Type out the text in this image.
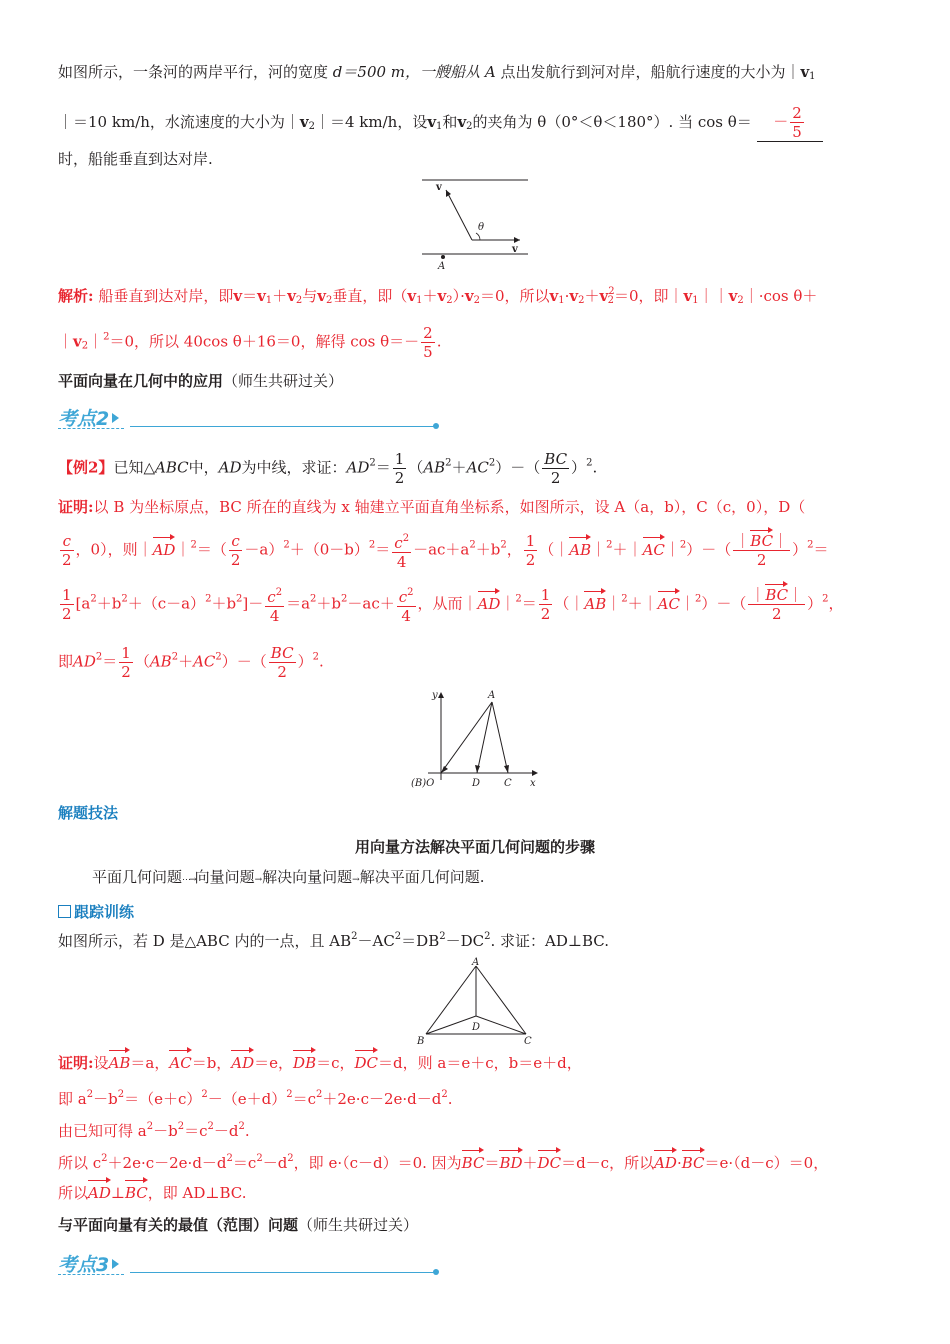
如图所示，一条河的两岸平行，河的宽度 d＝500 m，一艘船从 A 点出发航行到河对岸，船航行速度的大小为$|v_1$
｜＝10 km/h，水流速度的大小为$|v_2|=4$ km/h，设$v_1$和$v_2$的夹角为 θ（0°＜θ＜180°）. 当 $\cos \theta= - \frac{2}{5}$
时，船能垂直到达对岸.
v
θ
v
A
解析: 船垂直到达对岸，即$v=v_1+v_2$与$v_2$垂直，即$(v_1+v_2)\cdot v_2=0$，所以$v_1\cdot v_2+v^2_2=0$，即$|v_1||v_2|\cdot\cos$ θ＋
$|v_2|^2=0$，所以 40cos θ＋16＝0，解得 $\cos \theta=- \frac{2}{5}$ .
平面向量在几何中的应用（师生共研过关）
考点2
【例2】已知△ABC中，AD为中线，求证：$AD^2= \frac{1}{2} (AB^2+AC^2)-( \frac{BC}{2} )^2$.
证明:以 B 为坐标原点，BC 所在的直线为 x 轴建立平面直角坐标系，如图所示，设 A（a，b），C（c，0），D（
$\frac{c}{2}$ ，0），则｜AD｜$^2$＝（ $\frac{c}{2} -a)^2+(0-b)^2= \frac{c^2}{4} -ac+a^2+b^2$， $\frac{1}{2}$ （｜AB｜$^2$＋｜AC｜$^2$）－（ $\frac{|BC|}{2} )^2=$
$\frac{1}{2} [a^2+b^2+(c-a)^2+b^2]- \frac{c^2}{4} =a^2+b^2-ac+ \frac{c^2}{4}$ ，从而｜AD｜$^2$＝ $\frac{1}{2}$ （｜AB｜$^2$＋｜AC｜$^2$）－（ $\frac{|BC|}{2} )^2$，
即$AD^2= \frac{1}{2} (AB^2+AC^2)-( \frac{BC}{2} )^2$.
y	A
(B)O	D C x
解题技法
用向量方法解决平面几何问题的步骤
平面几何问题⋯→向量问题→解决向量问题→解决平面几何问题.
跟踪训练
如图所示，若 D 是△ABC 内的一点，且 $AB^2-AC^2=DB^2-DC^2$. 求证：AD⊥BC.
A
B	C
D
证明:设AB＝a，AC＝b，AD＝e，DB＝c，DC＝d，则 a＝e＋c，b＝e＋d，
即 $a^2-b^2=(e+c)^2-(e+d)^2=c^2+2e\cdot c-2e\cdot d-d^2$.
由已知可得 $a^2-b^2=c^2-d^2$.
所以 $c^2+2e\cdot c-2e\cdot d-d^2=c^2-d^2$，即 e·（c－d）＝0. 因为BC＝BD＋DC＝d－c，所以AD·BC＝e·（d－c）＝0，
所以AD⊥BC，即 AD⊥BC.
与平面向量有关的最值（范围）问题（师生共研过关）
考点3
